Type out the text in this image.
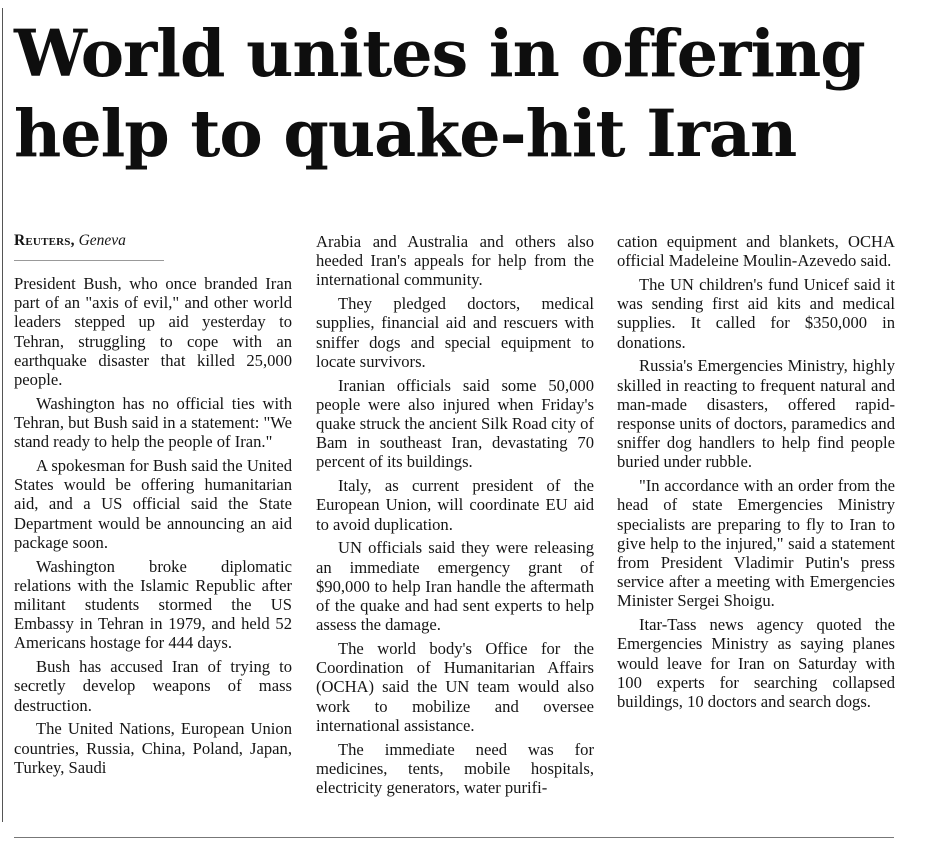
World unites in offering
help to quake-hit Iran
Reuters, Geneva

President Bush, who once branded Iran part of an "axis of evil," and other world leaders stepped up aid yesterday to Tehran, struggling to cope with an earthquake disaster that killed 25,000 people.

Washington has no official ties with Tehran, but Bush said in a statement: "We stand ready to help the people of Iran."

A spokesman for Bush said the United States would be offering humanitarian aid, and a US official said the State Department would be announcing an aid package soon.

Washington broke diplomatic relations with the Islamic Republic after militant students stormed the US Embassy in Tehran in 1979, and held 52 Americans hostage for 444 days.

Bush has accused Iran of trying to secretly develop weapons of mass destruction.

The United Nations, European Union countries, Russia, China, Poland, Japan, Turkey, Saudi

Arabia and Australia and others also heeded Iran's appeals for help from the international community.

They pledged doctors, medical supplies, financial aid and rescuers with sniffer dogs and special equipment to locate survivors.

Iranian officials said some 50,000 people were also injured when Friday's quake struck the ancient Silk Road city of Bam in southeast Iran, devastating 70 percent of its buildings.

Italy, as current president of the European Union, will coordinate EU aid to avoid duplication.

UN officials said they were releasing an immediate emergency grant of $90,000 to help Iran handle the aftermath of the quake and had sent experts to help assess the damage.

The world body's Office for the Coordination of Humanitarian Affairs (OCHA) said the UN team would also work to mobilize and oversee international assistance.

The immediate need was for medicines, tents, mobile hospitals, electricity generators, water purifi-

cation equipment and blankets, OCHA official Madeleine Moulin-Azevedo said.

The UN children's fund Unicef said it was sending first aid kits and medical supplies. It called for $350,000 in donations.

Russia's Emergencies Ministry, highly skilled in reacting to frequent natural and man-made disasters, offered rapid-response units of doctors, paramedics and sniffer dog handlers to help find people buried under rubble.

"In accordance with an order from the head of state Emergencies Ministry specialists are preparing to fly to Iran to give help to the injured," said a statement from President Vladimir Putin's press service after a meeting with Emergencies Minister Sergei Shoigu.

Itar-Tass news agency quoted the Emergencies Ministry as saying planes would leave for Iran on Saturday with 100 experts for searching collapsed buildings, 10 doctors and search dogs.
